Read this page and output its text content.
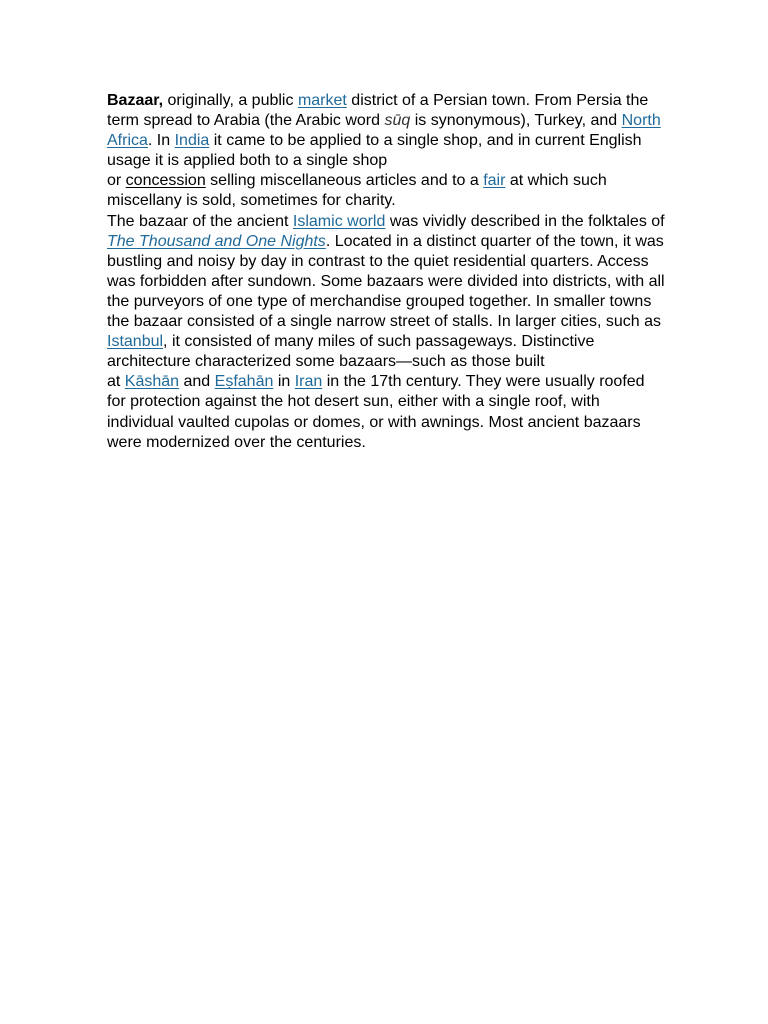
Bazaar, originally, a public market district of a Persian town. From Persia the term spread to Arabia (the Arabic word sūq is synonymous), Turkey, and North Africa. In India it came to be applied to a single shop, and in current English usage it is applied both to a single shop
or concession selling miscellaneous articles and to a fair at which such miscellany is sold, sometimes for charity.

The bazaar of the ancient Islamic world was vividly described in the folktales of The Thousand and One Nights. Located in a distinct quarter of the town, it was bustling and noisy by day in contrast to the quiet residential quarters. Access was forbidden after sundown. Some bazaars were divided into districts, with all the purveyors of one type of merchandise grouped together. In smaller towns the bazaar consisted of a single narrow street of stalls. In larger cities, such as Istanbul, it consisted of many miles of such passageways. Distinctive architecture characterized some bazaars—such as those built
at Kāshān and Eṣfahān in Iran in the 17th century. They were usually roofed for protection against the hot desert sun, either with a single roof, with individual vaulted cupolas or domes, or with awnings. Most ancient bazaars were modernized over the centuries.
